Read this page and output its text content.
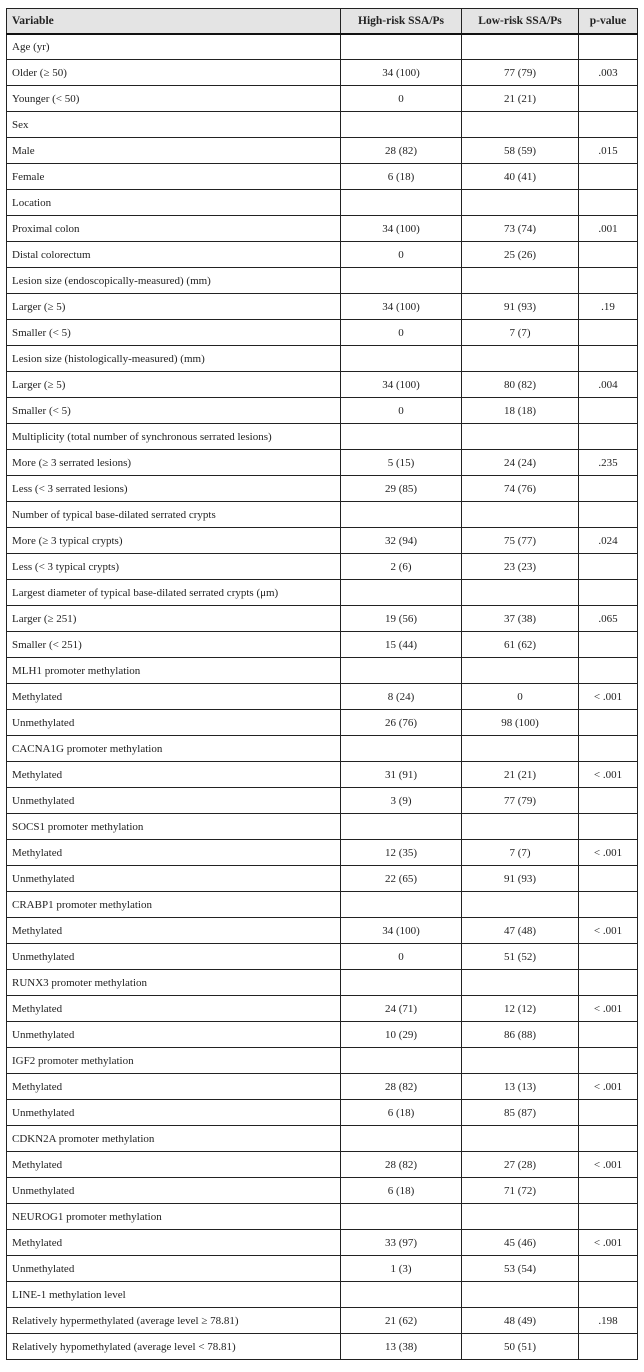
Variable	High-risk SSA/Ps	Low-risk SSA/Ps	p-value
Age (yr)			
Older (≥ 50)	34 (100)	77 (79)	.003
Younger (< 50)	0	21 (21)	
Sex			
Male	28 (82)	58 (59)	.015
Female	6 (18)	40 (41)	
Location			
Proximal colon	34 (100)	73 (74)	.001
Distal colorectum	0	25 (26)	
Lesion size (endoscopically-measured) (mm)			
Larger (≥ 5)	34 (100)	91 (93)	.19
Smaller (< 5)	0	7 (7)	
Lesion size (histologically-measured) (mm)			
Larger (≥ 5)	34 (100)	80 (82)	.004
Smaller (< 5)	0	18 (18)	
Multiplicity (total number of synchronous serrated lesions)			
More (≥ 3 serrated lesions)	5 (15)	24 (24)	.235
Less (< 3 serrated lesions)	29 (85)	74 (76)	
Number of typical base-dilated serrated crypts			
More (≥ 3 typical crypts)	32 (94)	75 (77)	.024
Less (< 3 typical crypts)	2 (6)	23 (23)	
Largest diameter of typical base-dilated serrated crypts (μm)			
Larger (≥ 251)	19 (56)	37 (38)	.065
Smaller (< 251)	15 (44)	61 (62)	
MLH1 promoter methylation			
Methylated	8 (24)	0	< .001
Unmethylated	26 (76)	98 (100)	
CACNA1G promoter methylation			
Methylated	31 (91)	21 (21)	< .001
Unmethylated	3 (9)	77 (79)	
SOCS1 promoter methylation			
Methylated	12 (35)	7 (7)	< .001
Unmethylated	22 (65)	91 (93)	
CRABP1 promoter methylation			
Methylated	34 (100)	47 (48)	< .001
Unmethylated	0	51 (52)	
RUNX3 promoter methylation			
Methylated	24 (71)	12 (12)	< .001
Unmethylated	10 (29)	86 (88)	
IGF2 promoter methylation			
Methylated	28 (82)	13 (13)	< .001
Unmethylated	6 (18)	85 (87)	
CDKN2A promoter methylation			
Methylated	28 (82)	27 (28)	< .001
Unmethylated	6 (18)	71 (72)	
NEUROG1 promoter methylation			
Methylated	33 (97)	45 (46)	< .001
Unmethylated	1 (3)	53 (54)	
LINE-1 methylation level			
Relatively hypermethylated (average level ≥ 78.81)	21 (62)	48 (49)	.198
Relatively hypomethylated (average level < 78.81)	13 (38)	50 (51)	
